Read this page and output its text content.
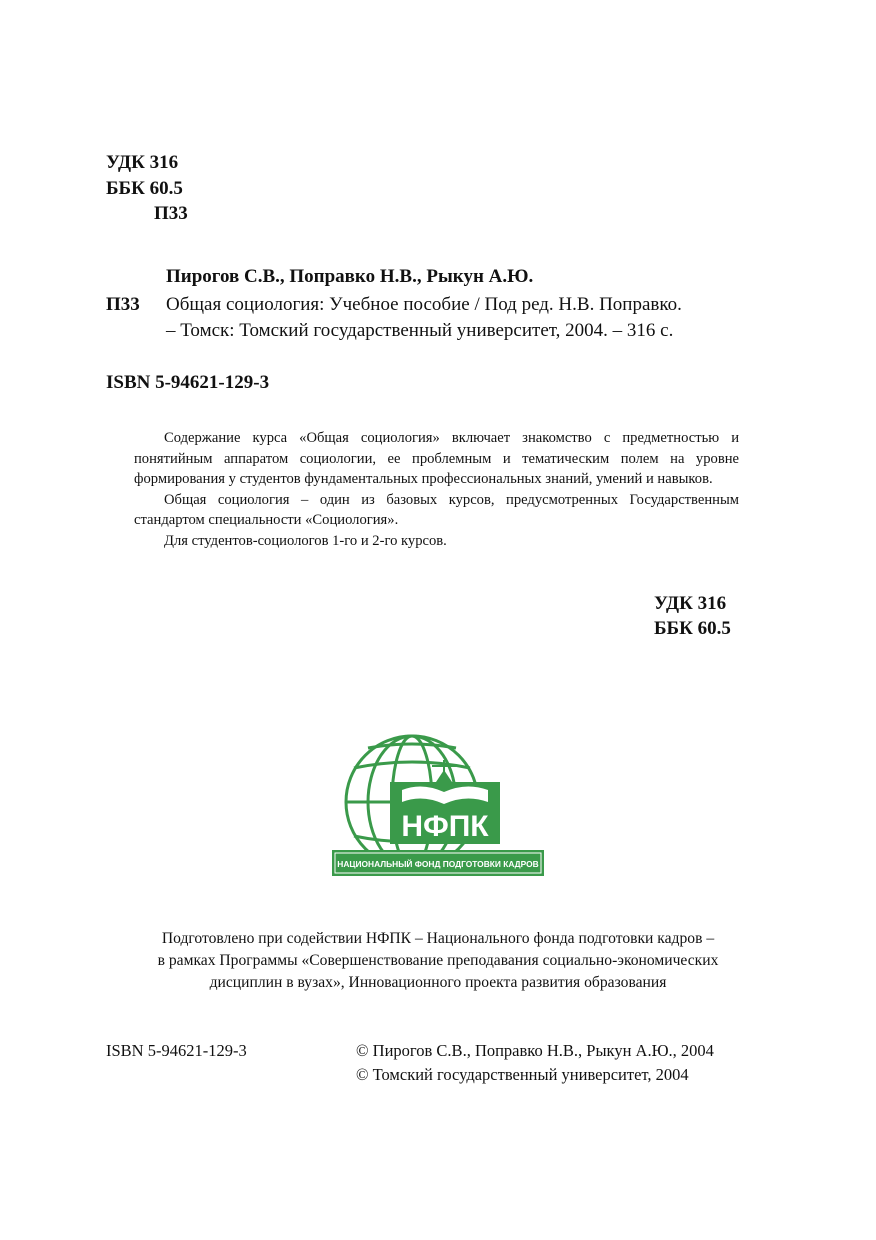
УДК 316
ББК 60.5
П33
Пирогов С.В., Поправко Н.В., Рыкун А.Ю.
П33 Общая социология: Учебное пособие / Под ред. Н.В. Поправко.
– Томск: Томский государственный университет, 2004. – 316 с.
ISBN 5-94621-129-3

Содержание курса «Общая социология» включает знакомство с предметностью и понятийным аппаратом социологии, ее проблемным и тематическим полем на уровне формирования у студентов фундаментальных профессиональных знаний, умений и навыков.

Общая социология – один из базовых курсов, предусмотренных Государственным стандартом специальности «Социология».

Для студентов-социологов 1-го и 2-го курсов.

УДК 316
ББК 60.5
НФПК
НАЦИОНАЛЬНЫЙ ФОНД ПОДГОТОВКИ КАДРОВ
Подготовлено при содействии НФПК – Национального фонда подготовки кадров –
в рамках Программы «Совершенствование преподавания социально-экономических
дисциплин в вузах», Инновационного проекта развития образования
ISBN 5-94621-129-3	© Пирогов С.В., Поправко Н.В., Рыкун А.Ю., 2004
© Томский государственный университет, 2004
